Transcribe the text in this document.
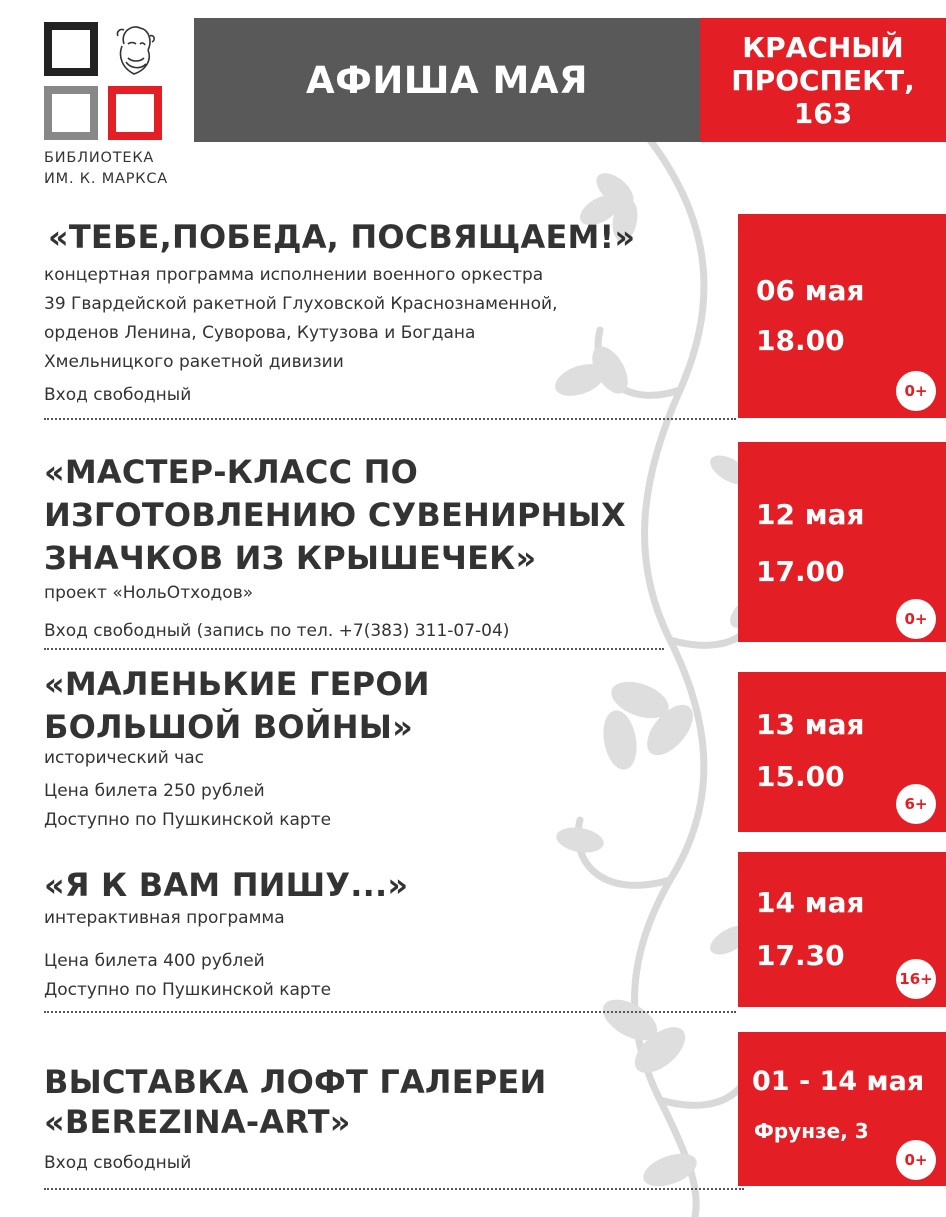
БИБЛИОТЕКА
ИМ. К. МАРКСА
АФИША МАЯ
КРАСНЫЙ ПРОСПЕКТ, 163
«ТЕБЕ,ПОБЕДА, ПОСВЯЩАЕМ!»
концертная программа исполнении военного оркестра
39 Гвардейской ракетной Глуховской Краснознаменной,
орденов Ленина, Суворова, Кутузова и Богдана
Хмельницкого ракетной дивизии
Вход свободный
06 мая
18.00
0+
«МАСТЕР-КЛАСС ПО
ИЗГОТОВЛЕНИЮ СУВЕНИРНЫХ
ЗНАЧКОВ ИЗ КРЫШЕЧЕК»
проект «НольОтходов»
Вход свободный (запись по тел. +7(383) 311-07-04)
12 мая
17.00
0+
«МАЛЕНЬКИЕ ГЕРОИ
БОЛЬШОЙ ВОЙНЫ»
исторический час
Цена билета 250 рублей
Доступно по Пушкинской карте
13 мая
15.00
6+
«Я К ВАМ ПИШУ...»
интерактивная программа
Цена билета 400 рублей
Доступно по Пушкинской карте
14 мая
17.30
16+
ВЫСТАВКА ЛОФТ ГАЛЕРЕИ
«BEREZINA-ART»
Вход свободный
01 - 14 мая
Фрунзе, 3
0+
